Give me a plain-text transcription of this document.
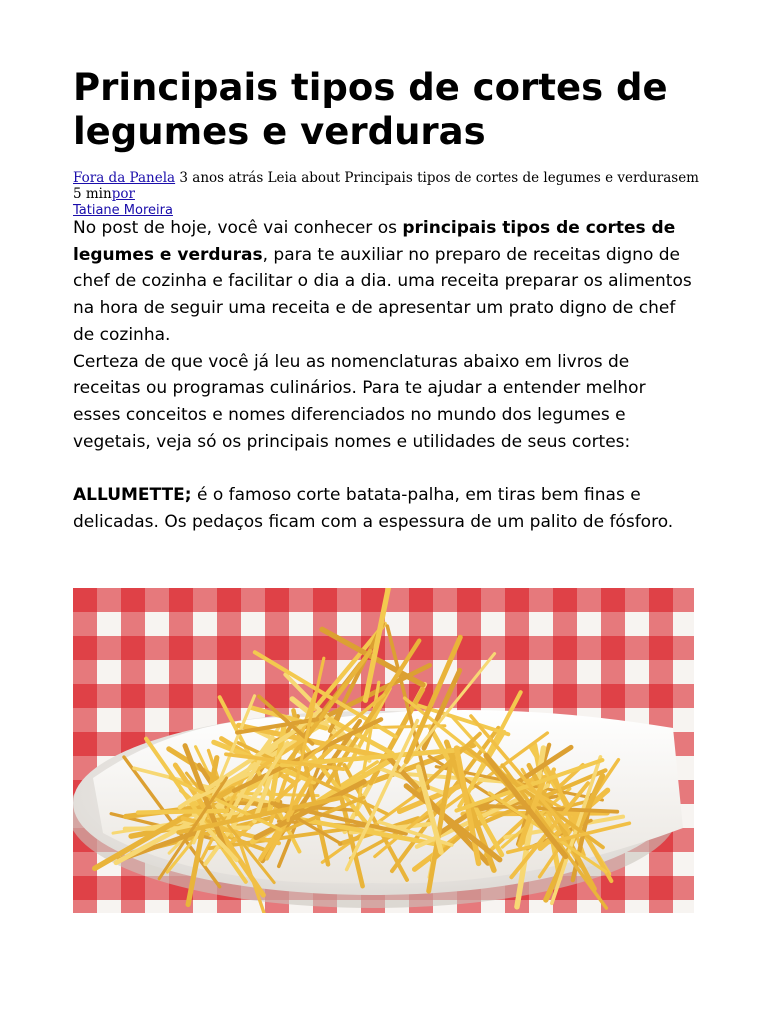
Principais tipos de cortes de legumes e verduras
Fora da Panela 3 anos atrás Leia about Principais tipos de cortes de legumes e verdurasem 5 minpor
Tatiane Moreira

No post de hoje, você vai conhecer os principais tipos de cortes de legumes e verduras, para te auxiliar no preparo de receitas digno de chef de cozinha e facilitar o dia a dia. uma receita preparar os alimentos na hora de seguir uma receita e de apresentar um prato digno de chef de cozinha.

Certeza de que você já leu as nomenclaturas abaixo em livros de receitas ou programas culinários. Para te ajudar a entender melhor esses conceitos e nomes diferenciados no mundo dos legumes e vegetais, veja só os principais nomes e utilidades de seus cortes:

ALLUMETTE; é o famoso corte batata-palha, em tiras bem finas e delicadas. Os pedaços ficam com a espessura de um palito de fósforo.
